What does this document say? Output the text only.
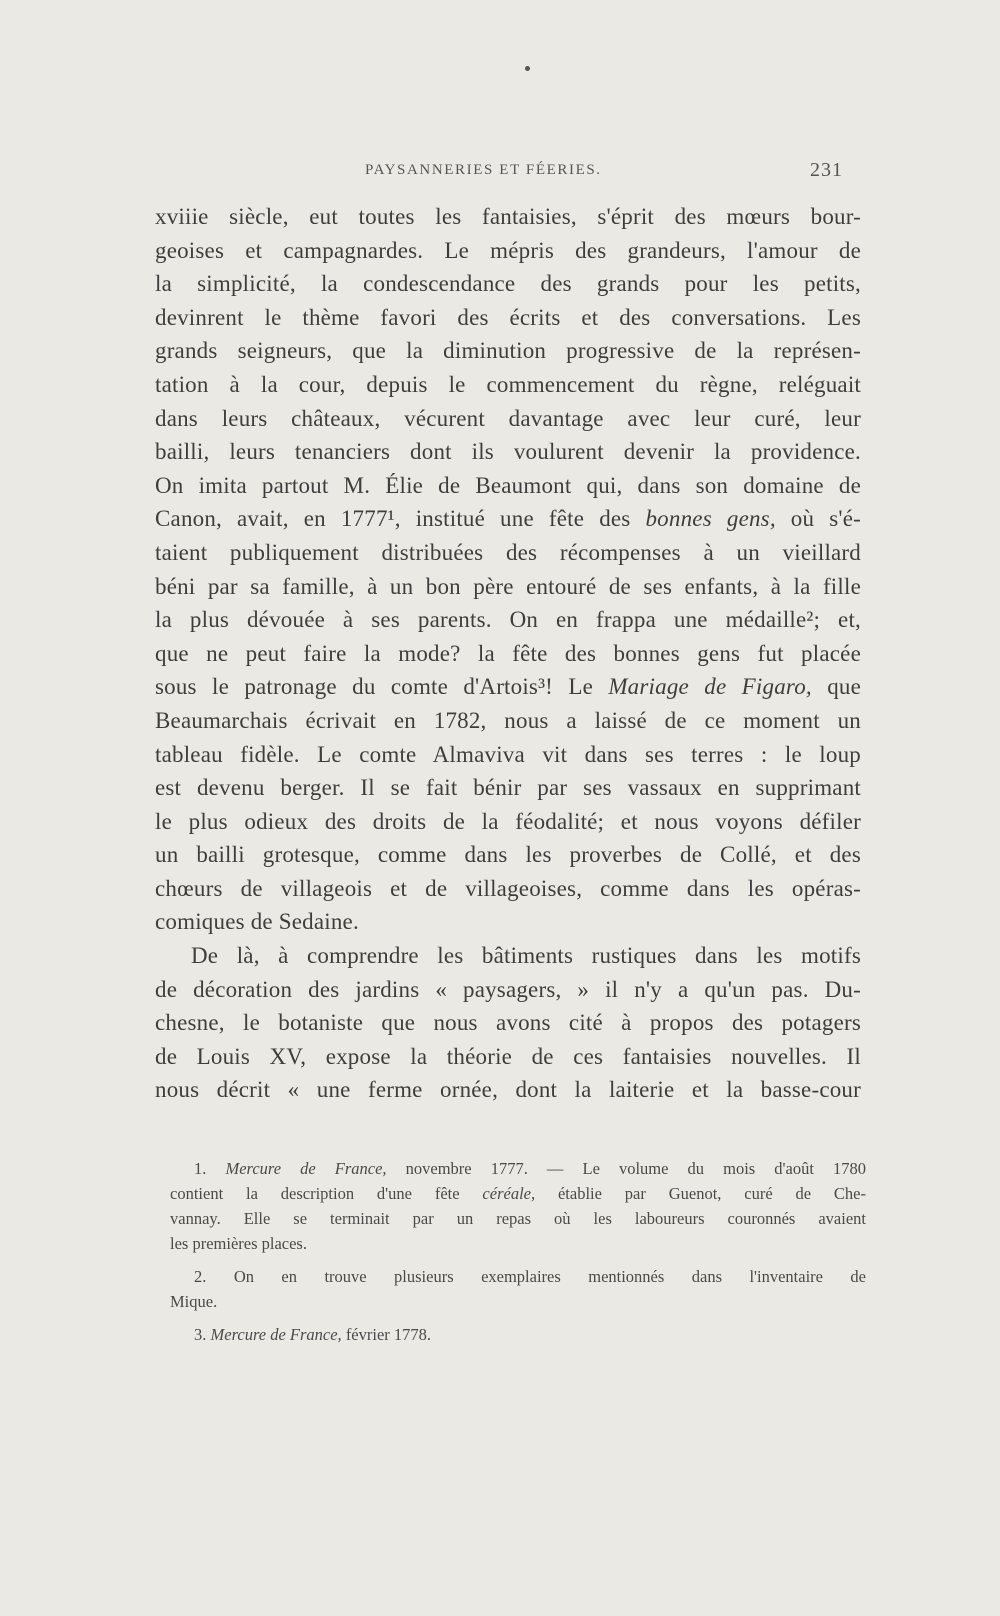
PAYSANNERIES ET FÉERIES.	231
xviiie siècle, eut toutes les fantaisies, s'éprit des mœurs bour-
geoises et campagnardes. Le mépris des grandeurs, l'amour de
la simplicité, la condescendance des grands pour les petits,
devinrent le thème favori des écrits et des conversations. Les
grands seigneurs, que la diminution progressive de la représen-
tation à la cour, depuis le commencement du règne, reléguait
dans leurs châteaux, vécurent davantage avec leur curé, leur
bailli, leurs tenanciers dont ils voulurent devenir la providence.
On imita partout M. Élie de Beaumont qui, dans son domaine de
Canon, avait, en 1777¹, institué une fête des bonnes gens, où s'é-
taient publiquement distribuées des récompenses à un vieillard
béni par sa famille, à un bon père entouré de ses enfants, à la fille
la plus dévouée à ses parents. On en frappa une médaille²; et,
que ne peut faire la mode? la fête des bonnes gens fut placée
sous le patronage du comte d'Artois³! Le Mariage de Figaro, que
Beaumarchais écrivait en 1782, nous a laissé de ce moment un
tableau fidèle. Le comte Almaviva vit dans ses terres : le loup
est devenu berger. Il se fait bénir par ses vassaux en supprimant
le plus odieux des droits de la féodalité; et nous voyons défiler
un bailli grotesque, comme dans les proverbes de Collé, et des
chœurs de villageois et de villageoises, comme dans les opéras-
comiques de Sedaine.
De là, à comprendre les bâtiments rustiques dans les motifs
de décoration des jardins « paysagers, » il n'y a qu'un pas. Du-
chesne, le botaniste que nous avons cité à propos des potagers
de Louis XV, expose la théorie de ces fantaisies nouvelles. Il
nous décrit « une ferme ornée, dont la laiterie et la basse-cour
1. Mercure de France, novembre 1777. — Le volume du mois d'août 1780
contient la description d'une fête céréale, établie par Guenot, curé de Che-
vannay. Elle se terminait par un repas où les laboureurs couronnés avaient
les premières places.
2. On en trouve plusieurs exemplaires mentionnés dans l'inventaire de
Mique.
3. Mercure de France, février 1778.
